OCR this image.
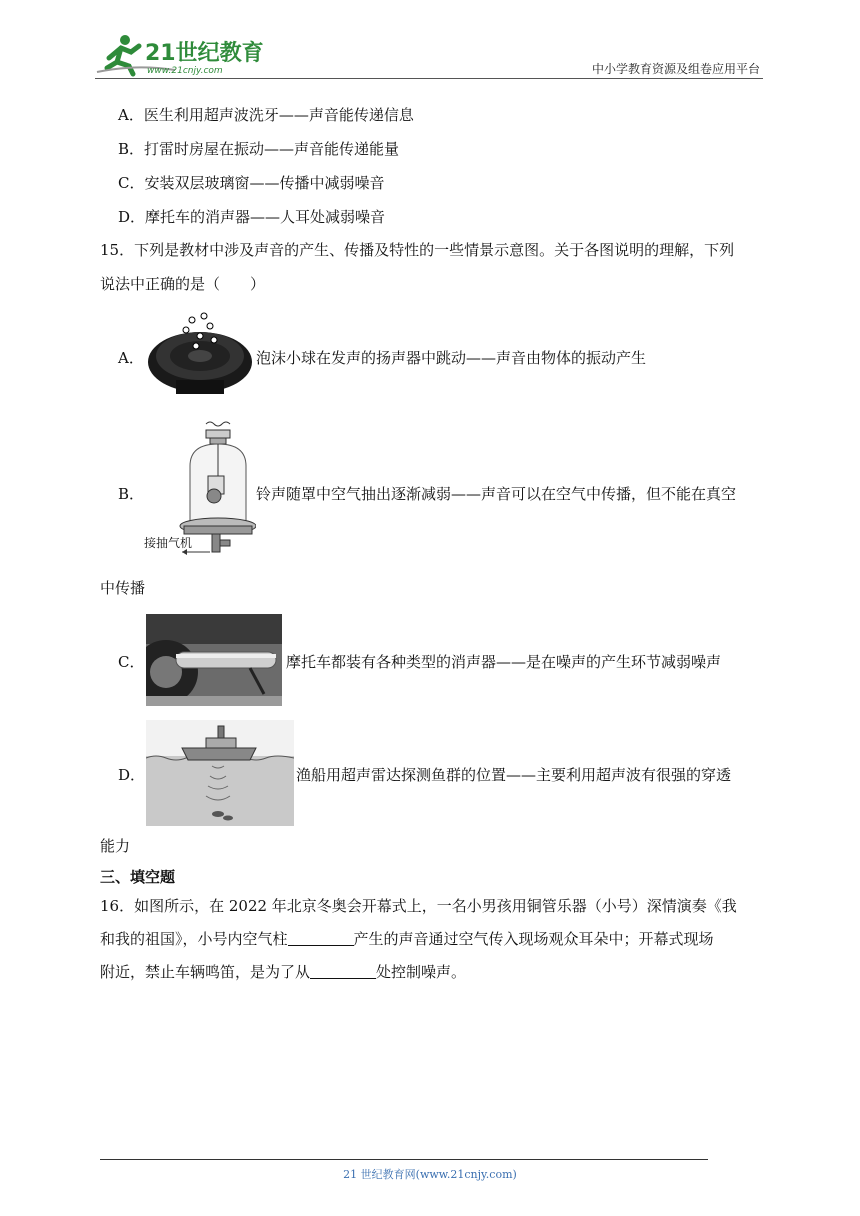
21世纪教育
www.21cnjy.com	中小学教育资源及组卷应用平台
A．医生利用超声波洗牙——声音能传递信息
B．打雷时房屋在振动——声音能传递能量
C．安装双层玻璃窗——传播中减弱噪音
D．摩托车的消声器——人耳处减弱噪音
15．下列是教材中涉及声音的产生、传播及特性的一些情景示意图。关于各图说明的理解，下列
说法中正确的是（　　）
A．	泡沫小球在发声的扬声器中跳动——声音由物体的振动产生
B．
接抽气机
铃声随罩中空气抽出逐渐减弱——声音可以在空气中传播，但不能在真空
中传播
C．	摩托车都装有各种类型的消声器——是在噪声的产生环节减弱噪声
D．	渔船用超声雷达探测鱼群的位置——主要利用超声波有很强的穿透
能力
三、填空题
16．如图所示，在 2022 年北京冬奥会开幕式上，一名小男孩用铜管乐器（小号）深情演奏《我
和我的祖国》，小号内空气柱	产生的声音通过空气传入现场观众耳朵中；开幕式现场
附近，禁止车辆鸣笛，是为了从	处控制噪声。
21 世纪教育网(www.21cnjy.com)
